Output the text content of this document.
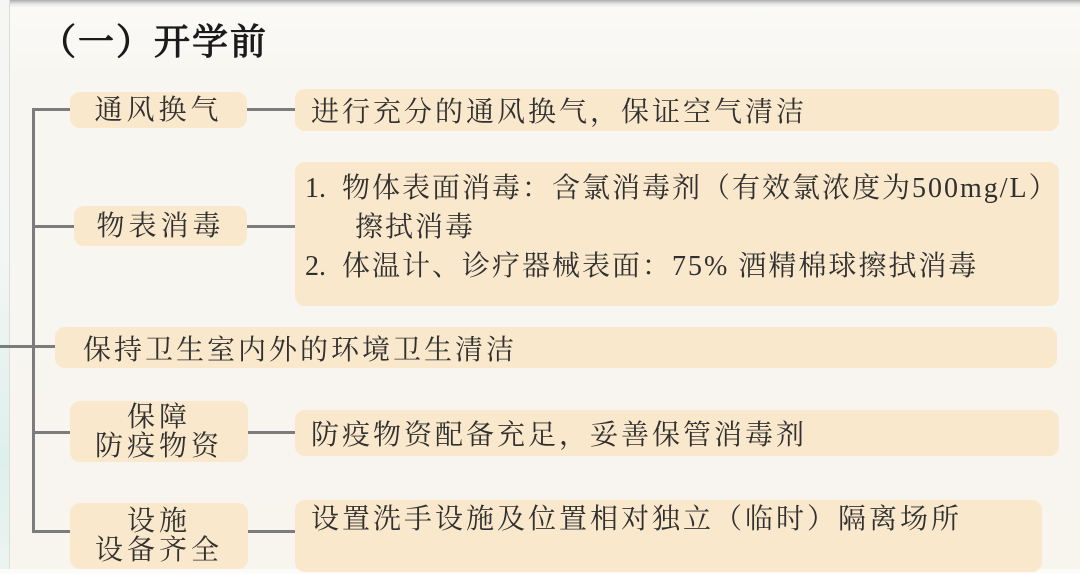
（一）开学前
通风换气	进行充分的通风换气，保证空气清洁
物表消毒
1. 物体表面消毒：含氯消毒剂（有效氯浓度为500mg/L）擦拭消毒
2. 体温计、诊疗器械表面：75% 酒精棉球擦拭消毒
保持卫生室内外的环境卫生清洁
保障
防疫物资	防疫物资配备充足，妥善保管消毒剂
设施
设备齐全
设置洗手设施及位置相对独立（临时）隔离场所
